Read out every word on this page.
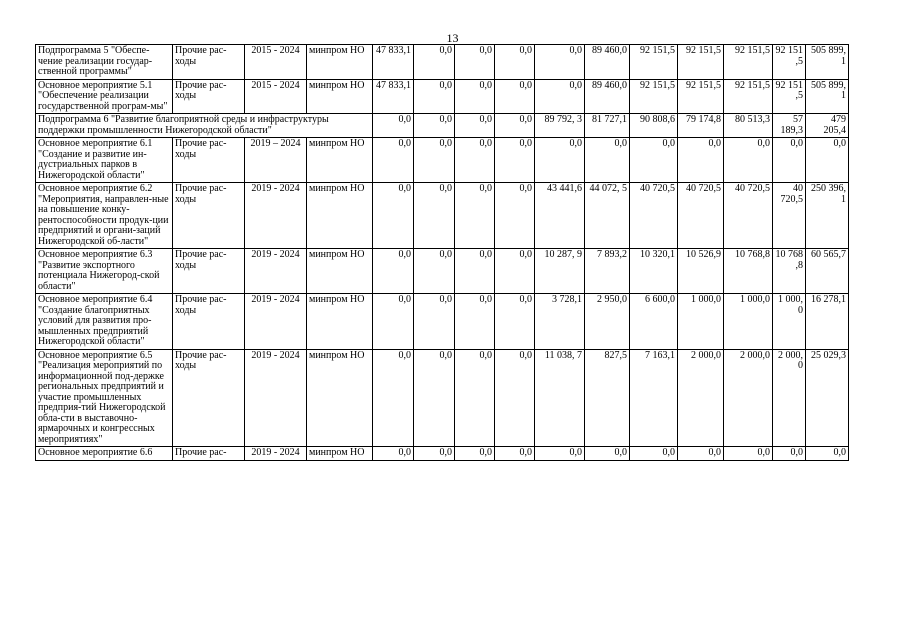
13
Подпрограмма 5 "Обеспе-чение реализации государ-ственной программы"	Прочие рас-ходы	2015 - 2024	минпром НО	47 833,1	0,0	0,0	0,0	0,0	89 460,0	92 151,5	92 151,5	92 151,5	92 151 ,5	505 899, 1
Основное мероприятие 5.1 "Обеспечение реализации государственной програм-мы"	Прочие рас-ходы	2015 - 2024	минпром НО	47 833,1	0,0	0,0	0,0	0,0	89 460,0	92 151,5	92 151,5	92 151,5	92 151 ,5	505 899, 1
Подпрограмма 6 "Развитие благоприятной среды и инфраструктуры поддержки промышленности Нижегородской области"				0,0	0,0	0,0	0,0	89 792, 3	81 727,1	90 808,6	79 174,8	80 513,3	57 189,3	479 205,4
Основное мероприятие 6.1 "Создание и развитие ин-дустриальных парков в Нижегородской области"	Прочие рас-ходы	2019 – 2024	минпром НО	0,0	0,0	0,0	0,0	0,0	0,0	0,0	0,0	0,0	0,0	0,0
Основное мероприятие 6.2 "Мероприятия, направлен-ные на повышение конку-рентоспособности продук-ции предприятий и органи-заций Нижегородской об-ласти"	Прочие рас-ходы	2019 - 2024	минпром НО	0,0	0,0	0,0	0,0	43 441,6	44 072, 5	40 720,5	40 720,5	40 720,5	40 720,5	250 396, 1
Основное мероприятие 6.3 "Развитие экспортного потенциала Нижегород-ской области"	Прочие рас-ходы	2019 - 2024	минпром НО	0,0	0,0	0,0	0,0	10 287, 9	7 893,2	10 320,1	10 526,9	10 768,8	10 768 ,8	60 565,7
Основное мероприятие 6.4 "Создание благоприятных условий для развития про-мышленных предприятий Нижегородской области"	Прочие рас-ходы	2019 - 2024	минпром НО	0,0	0,0	0,0	0,0	3 728,1	2 950,0	6 600,0	1 000,0	1 000,0	1 000, 0	16 278,1
Основное мероприятие 6.5 "Реализация мероприятий по информационной под-держке региональных предприятий и участие промышленных предприя-тий Нижегородской обла-сти в выставочно-ярмарочных и конгрессных мероприятиях"	Прочие рас-ходы	2019 - 2024	минпром НО	0,0	0,0	0,0	0,0	11 038, 7	827,5	7 163,1	2 000,0	2 000,0	2 000, 0	25 029,3
Основное мероприятие 6.6	Прочие рас-	2019 - 2024	минпром НО	0,0	0,0	0,0	0,0	0,0	0,0	0,0	0,0	0,0	0,0	0,0
